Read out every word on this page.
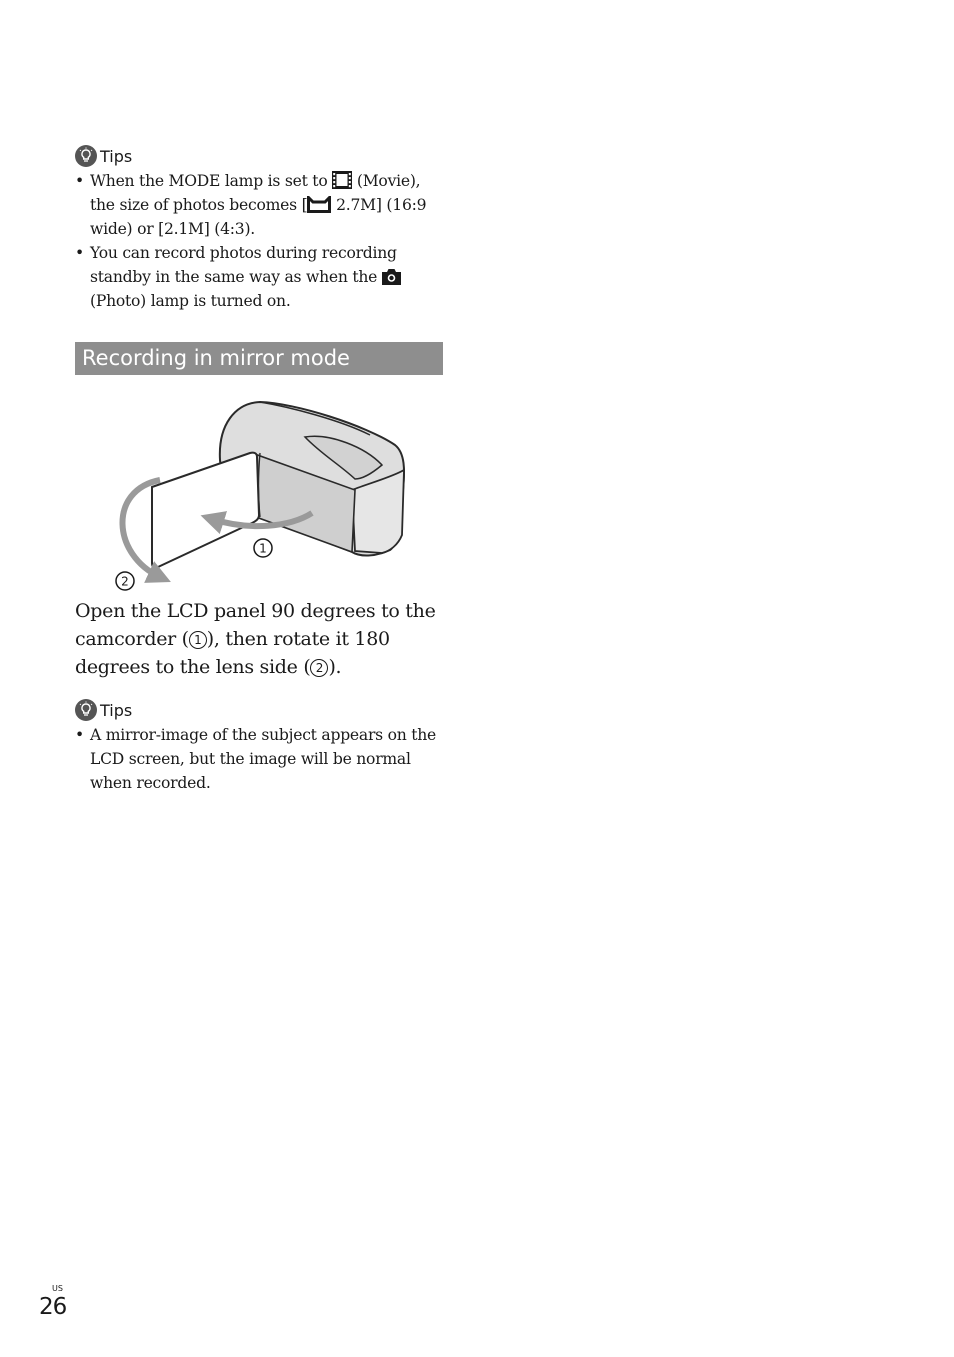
Tips
• When the MODE lamp is set to  (Movie), the size of photos becomes [ 2.7M] (16:9 wide) or [2.1M] (4:3).
• You can record photos during recording standby in the same way as when the  (Photo) lamp is turned on.
Recording in mirror mode
1
2
Open the LCD panel 90 degrees to the camcorder ( 1 ), then rotate it 180 degrees to the lens side ( 2 ).
Tips
• A mirror-image of the subject appears on the LCD screen, but the image will be normal when recorded.
US
26
